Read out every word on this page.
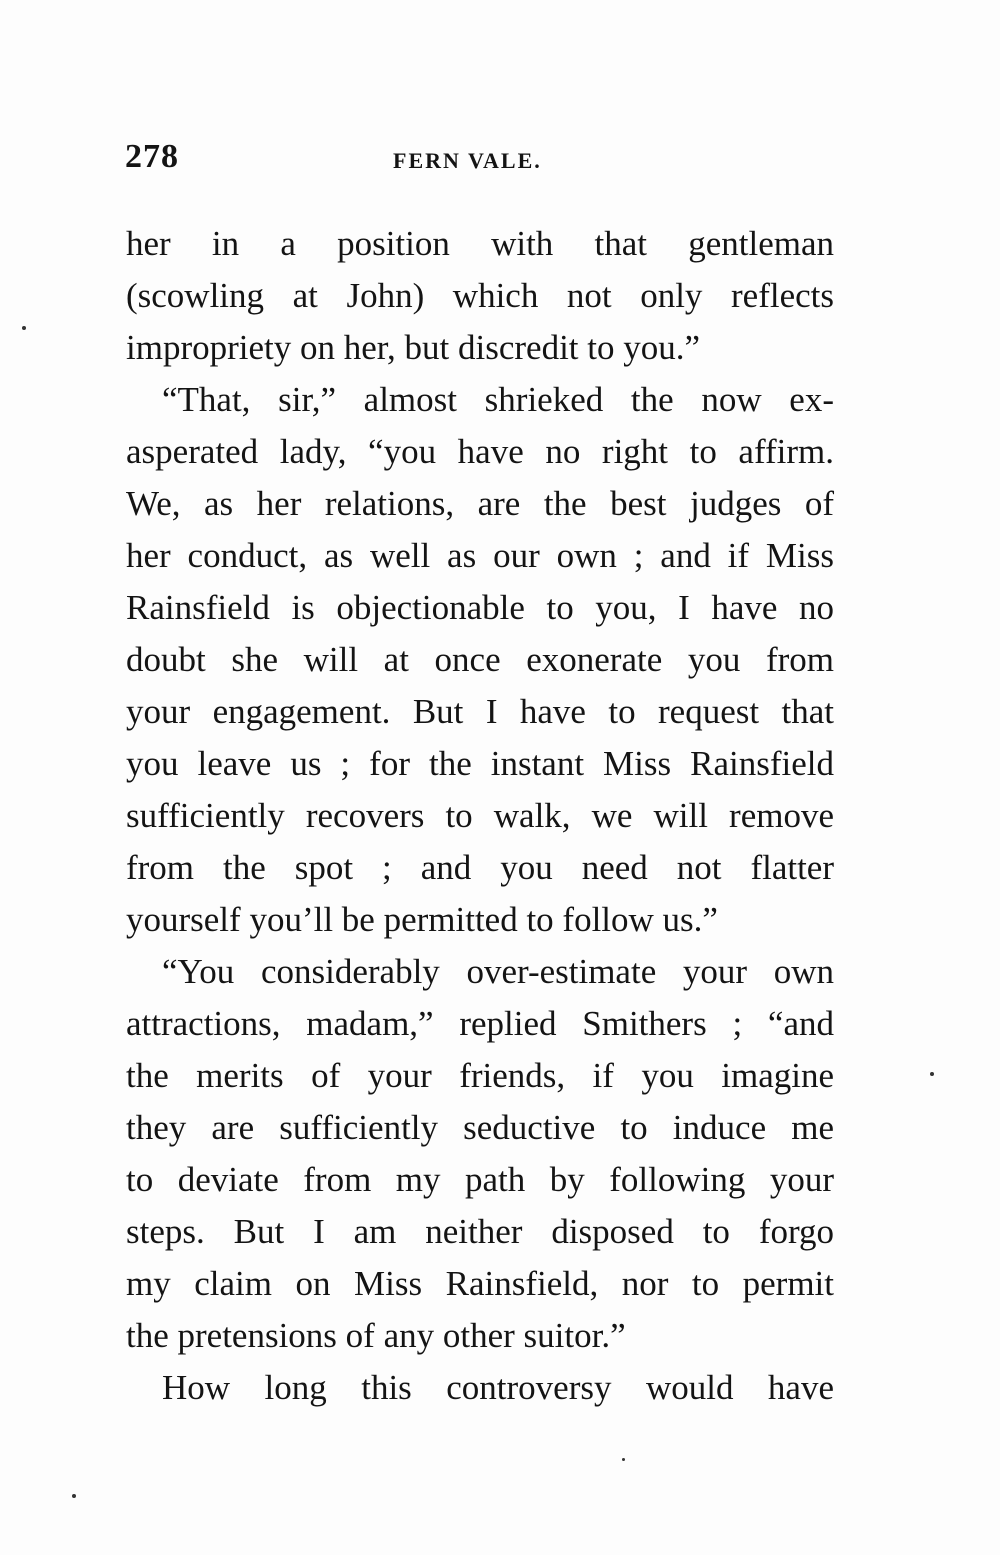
278	FERN VALE.
her in a position with that gentleman
(scowling at John) which not only reflects
impropriety on her, but discredit to you.”
“That, sir,” almost shrieked the now ex-
asperated lady, “you have no right to affirm.
We, as her relations, are the best judges of
her conduct, as well as our own ; and if Miss
Rainsfield is objectionable to you, I have no
doubt she will at once exonerate you from
your engagement. But I have to request that
you leave us ; for the instant Miss Rainsfield
sufficiently recovers to walk, we will remove
from the spot ; and you need not flatter
yourself you’ll be permitted to follow us.”
“You considerably over-estimate your own
attractions, madam,” replied Smithers ; “and
the merits of your friends, if you imagine
they are sufficiently seductive to induce me
to deviate from my path by following your
steps. But I am neither disposed to forgo
my claim on Miss Rainsfield, nor to permit
the pretensions of any other suitor.”
How long this controversy would have
